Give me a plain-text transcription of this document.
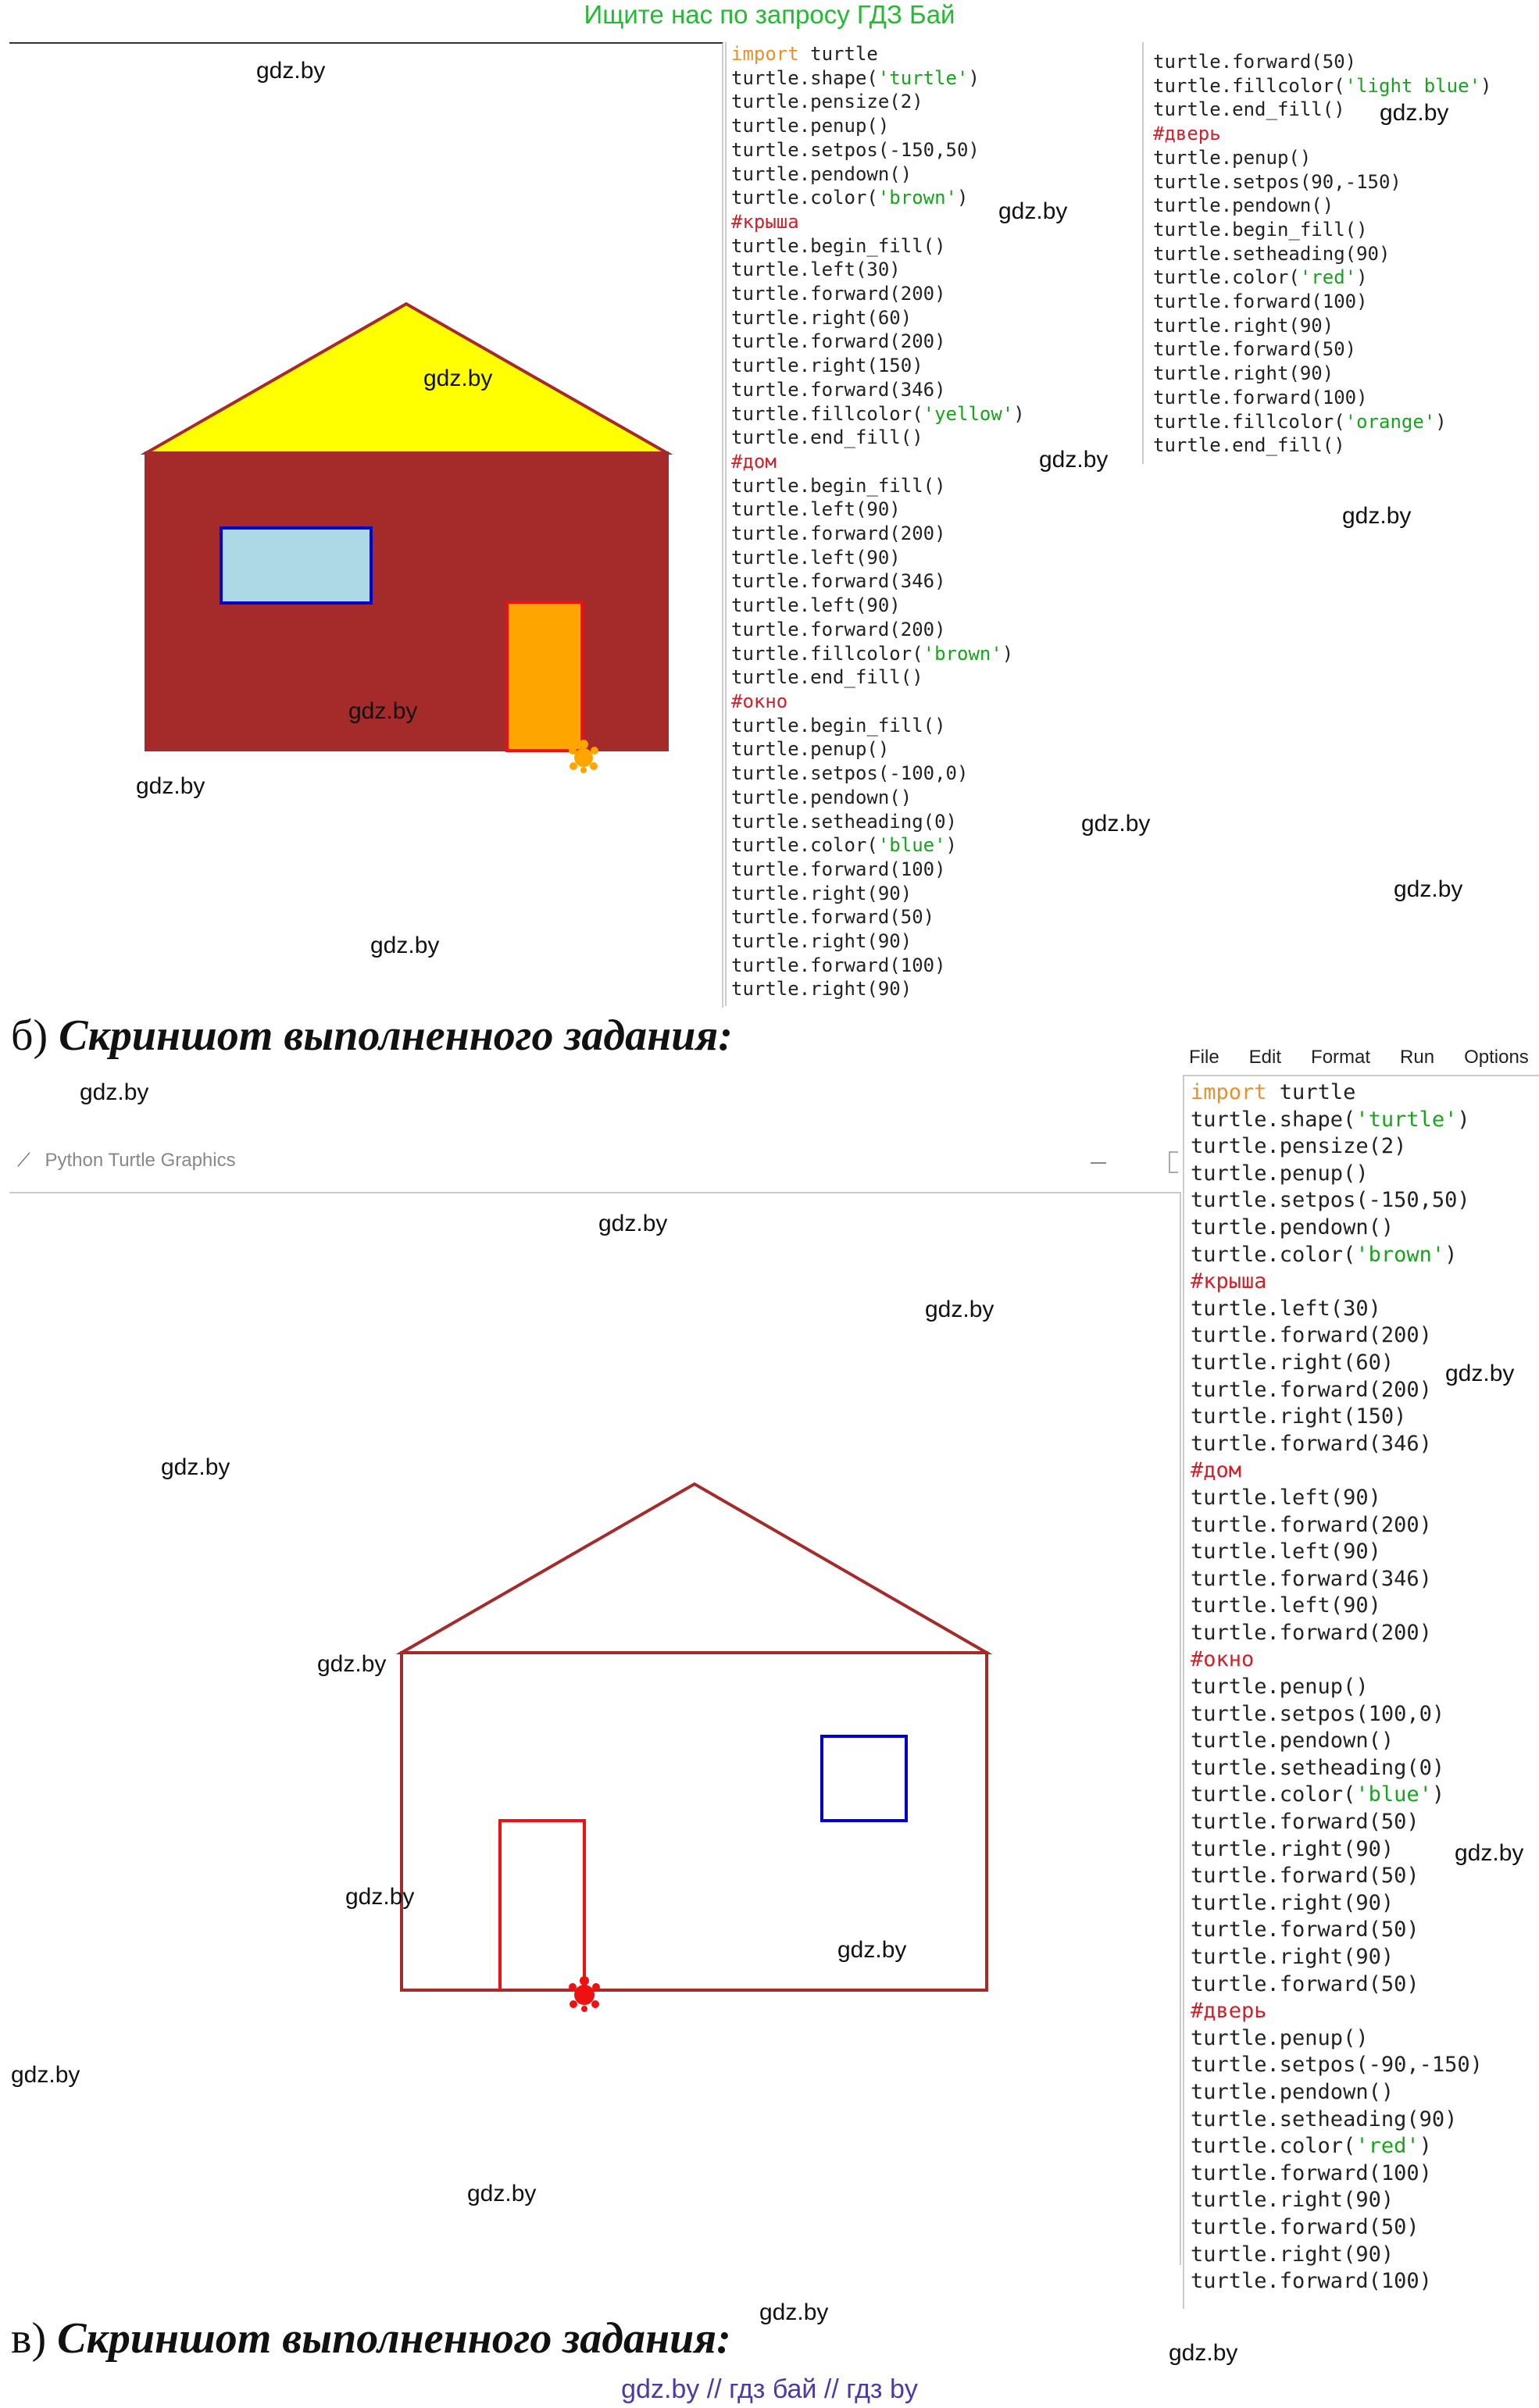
Ищите нас по запросу ГДЗ Бай
import turtle
turtle.shape('turtle')
turtle.pensize(2)
turtle.penup()
turtle.setpos(-150,50)
turtle.pendown()
turtle.color('brown')
#крыша
turtle.begin_fill()
turtle.left(30)
turtle.forward(200)
turtle.right(60)
turtle.forward(200)
turtle.right(150)
turtle.forward(346)
turtle.fillcolor('yellow')
turtle.end_fill()
#дом
turtle.begin_fill()
turtle.left(90)
turtle.forward(200)
turtle.left(90)
turtle.forward(346)
turtle.left(90)
turtle.forward(200)
turtle.fillcolor('brown')
turtle.end_fill()
#окно
turtle.begin_fill()
turtle.penup()
turtle.setpos(-100,0)
turtle.pendown()
turtle.setheading(0)
turtle.color('blue')
turtle.forward(100)
turtle.right(90)
turtle.forward(50)
turtle.right(90)
turtle.forward(100)
turtle.right(90)
turtle.forward(50)
turtle.fillcolor('light blue')
turtle.end_fill()
#дверь
turtle.penup()
turtle.setpos(90,-150)
turtle.pendown()
turtle.begin_fill()
turtle.setheading(90)
turtle.color('red')
turtle.forward(100)
turtle.right(90)
turtle.forward(50)
turtle.right(90)
turtle.forward(100)
turtle.fillcolor('orange')
turtle.end_fill()
б) Скриншот выполненного задания:
⟋ Python Turtle Graphics
File Edit Format Run Options
import turtle
turtle.shape('turtle')
turtle.pensize(2)
turtle.penup()
turtle.setpos(-150,50)
turtle.pendown()
turtle.color('brown')
#крыша
turtle.left(30)
turtle.forward(200)
turtle.right(60)
turtle.forward(200)
turtle.right(150)
turtle.forward(346)
#дом
turtle.left(90)
turtle.forward(200)
turtle.left(90)
turtle.forward(346)
turtle.left(90)
turtle.forward(200)
#окно
turtle.penup()
turtle.setpos(100,0)
turtle.pendown()
turtle.setheading(0)
turtle.color('blue')
turtle.forward(50)
turtle.right(90)
turtle.forward(50)
turtle.right(90)
turtle.forward(50)
turtle.right(90)
turtle.forward(50)
#дверь
turtle.penup()
turtle.setpos(-90,-150)
turtle.pendown()
turtle.setheading(90)
turtle.color('red')
turtle.forward(100)
turtle.right(90)
turtle.forward(50)
turtle.right(90)
turtle.forward(100)
в) Скриншот выполненного задания:
gdz.by // гдз бай // гдз by
gdz.by
gdz.by
gdz.by
gdz.by
gdz.by
gdz.by
gdz.by
gdz.by
gdz.by
gdz.by
gdz.by
gdz.by
gdz.by
gdz.by
gdz.by
gdz.by
gdz.by
gdz.by
gdz.by
gdz.by
gdz.by
gdz.by
gdz.by
gdz.by
